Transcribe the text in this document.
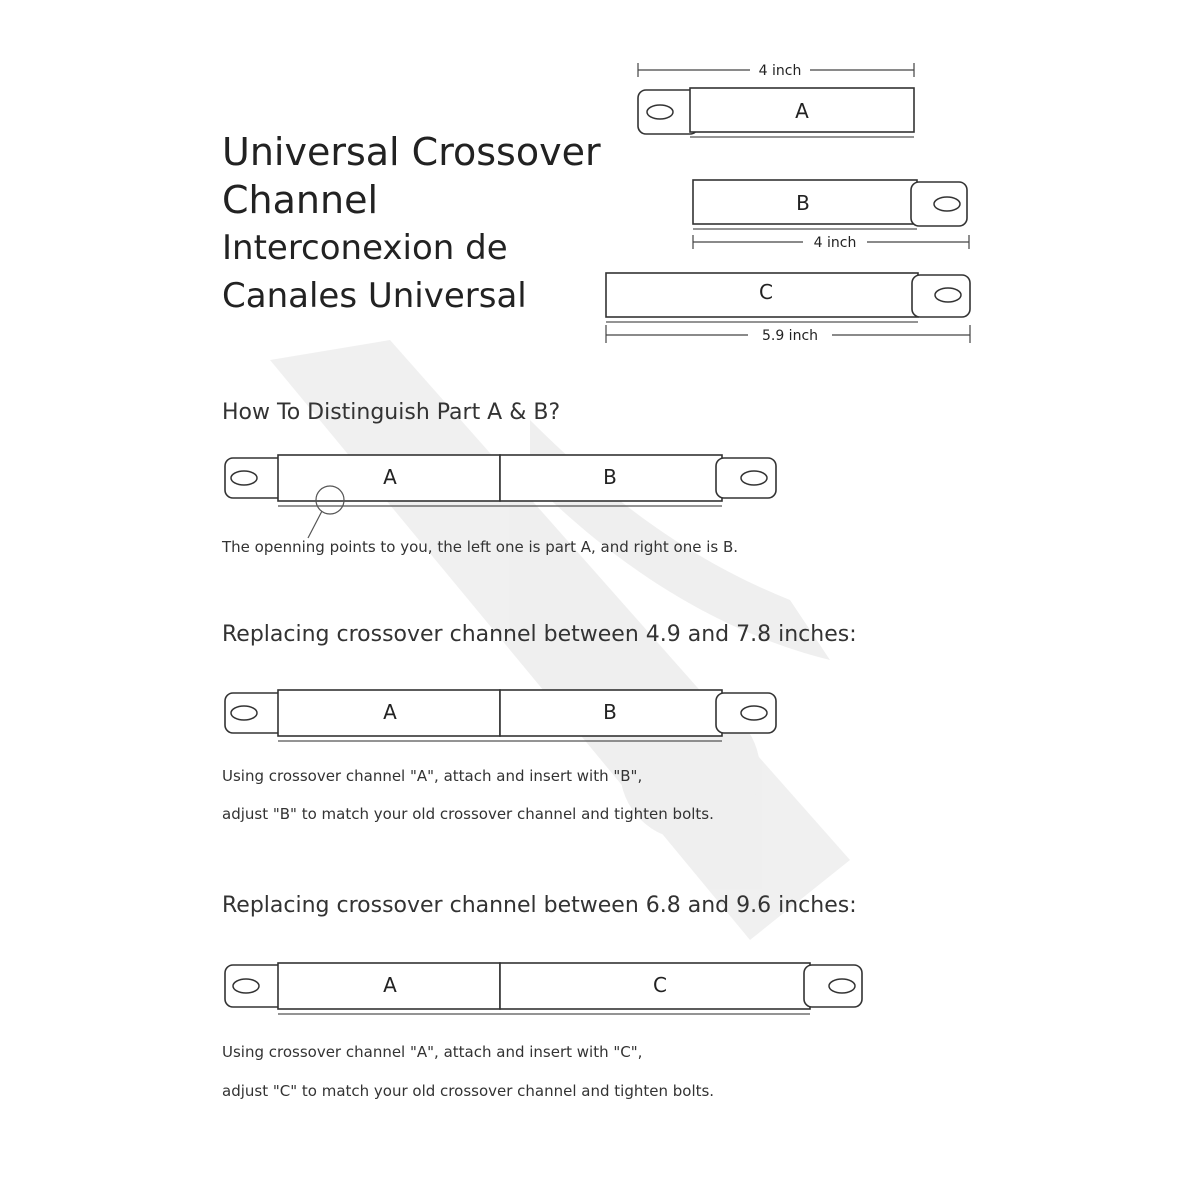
Universal Crossover
Channel
Interconexion de
Canales Universal
4 inch
A
B
4 inch
C
5.9 inch
How To Distinguish Part A & B?
A	B
The openning points to you, the left one is part A, and right one is B.
Replacing crossover channel between 4.9 and 7.8 inches:
A	B
Using crossover channel "A", attach and insert with "B",
adjust "B" to match your old crossover channel and tighten bolts.
Replacing crossover channel between 6.8 and 9.6 inches:
A	C
Using crossover channel "A", attach and insert with "C",
adjust "C" to match your old crossover channel and tighten bolts.
